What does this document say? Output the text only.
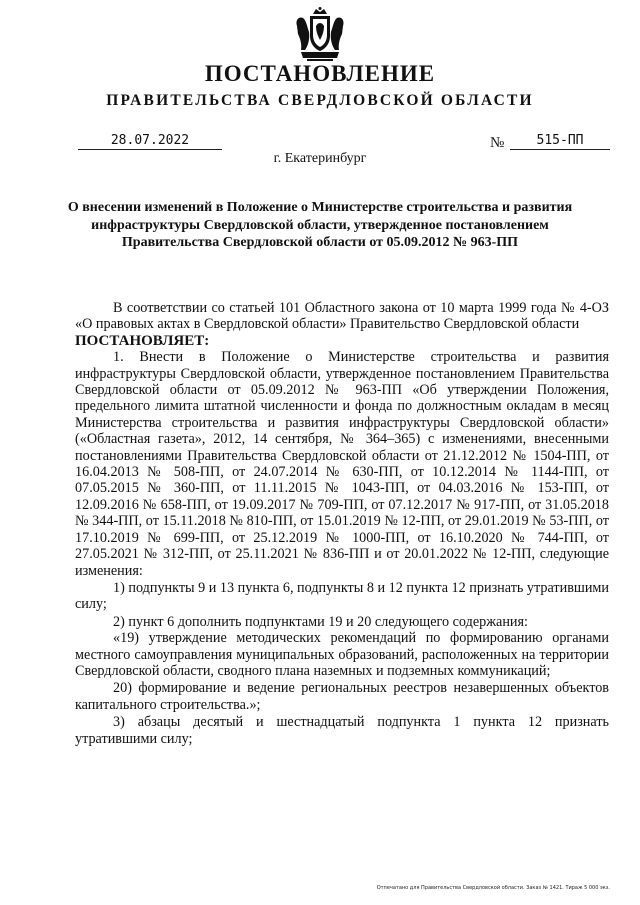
ПОСТАНОВЛЕНИЕ
ПРАВИТЕЛЬСТВА СВЕРДЛОВСКОЙ ОБЛАСТИ
28.07.2022	№	515-ПП
г. Екатеринбург
О внесении изменений в Положение о Министерстве строительства и развития инфраструктуры Свердловской области, утвержденное постановлением Правительства Свердловской области от 05.09.2012 № 963-ПП

В соответствии со статьей 101 Областного закона от 10 марта 1999 года № 4-ОЗ «О правовых актах в Свердловской области» Правительство Свердловской области

ПОСТАНОВЛЯЕТ:

1. Внести в Положение о Министерстве строительства и развития инфраструктуры Свердловской области, утвержденное постановлением Правительства Свердловской области от 05.09.2012 № 963-ПП «Об утверждении Положения, предельного лимита штатной численности и фонда по должностным окладам в месяц Министерства строительства и развития инфраструктуры Свердловской области» («Областная газета», 2012, 14 сентября, № 364–365) с изменениями, внесенными постановлениями Правительства Свердловской области от 21.12.2012 № 1504-ПП, от 16.04.2013 № 508-ПП, от 24.07.2014 № 630-ПП, от 10.12.2014 № 1144-ПП, от 07.05.2015 № 360-ПП, от 11.11.2015 № 1043-ПП, от 04.03.2016 № 153-ПП, от 12.09.2016 № 658-ПП, от 19.09.2017 № 709-ПП, от 07.12.2017 № 917-ПП, от 31.05.2018 № 344-ПП, от 15.11.2018 № 810-ПП, от 15.01.2019 № 12-ПП, от 29.01.2019 № 53-ПП, от 17.10.2019 № 699-ПП, от 25.12.2019 № 1000-ПП, от 16.10.2020 № 744-ПП, от 27.05.2021 № 312-ПП, от 25.11.2021 № 836-ПП и от 20.01.2022 № 12-ПП, следующие изменения:

1) подпункты 9 и 13 пункта 6, подпункты 8 и 12 пункта 12 признать утратившими силу;

2) пункт 6 дополнить подпунктами 19 и 20 следующего содержания:

«19) утверждение методических рекомендаций по формированию органами местного самоуправления муниципальных образований, расположенных на территории Свердловской области, сводного плана наземных и подземных коммуникаций;

20) формирование и ведение региональных реестров незавершенных объектов капитального строительства.»;

3) абзацы десятый и шестнадцатый подпункта 1 пункта 12 признать утратившими силу;

Отпечатано для Правительства Свердловской области. Заказ № 1421. Тираж 5 000 экз.
